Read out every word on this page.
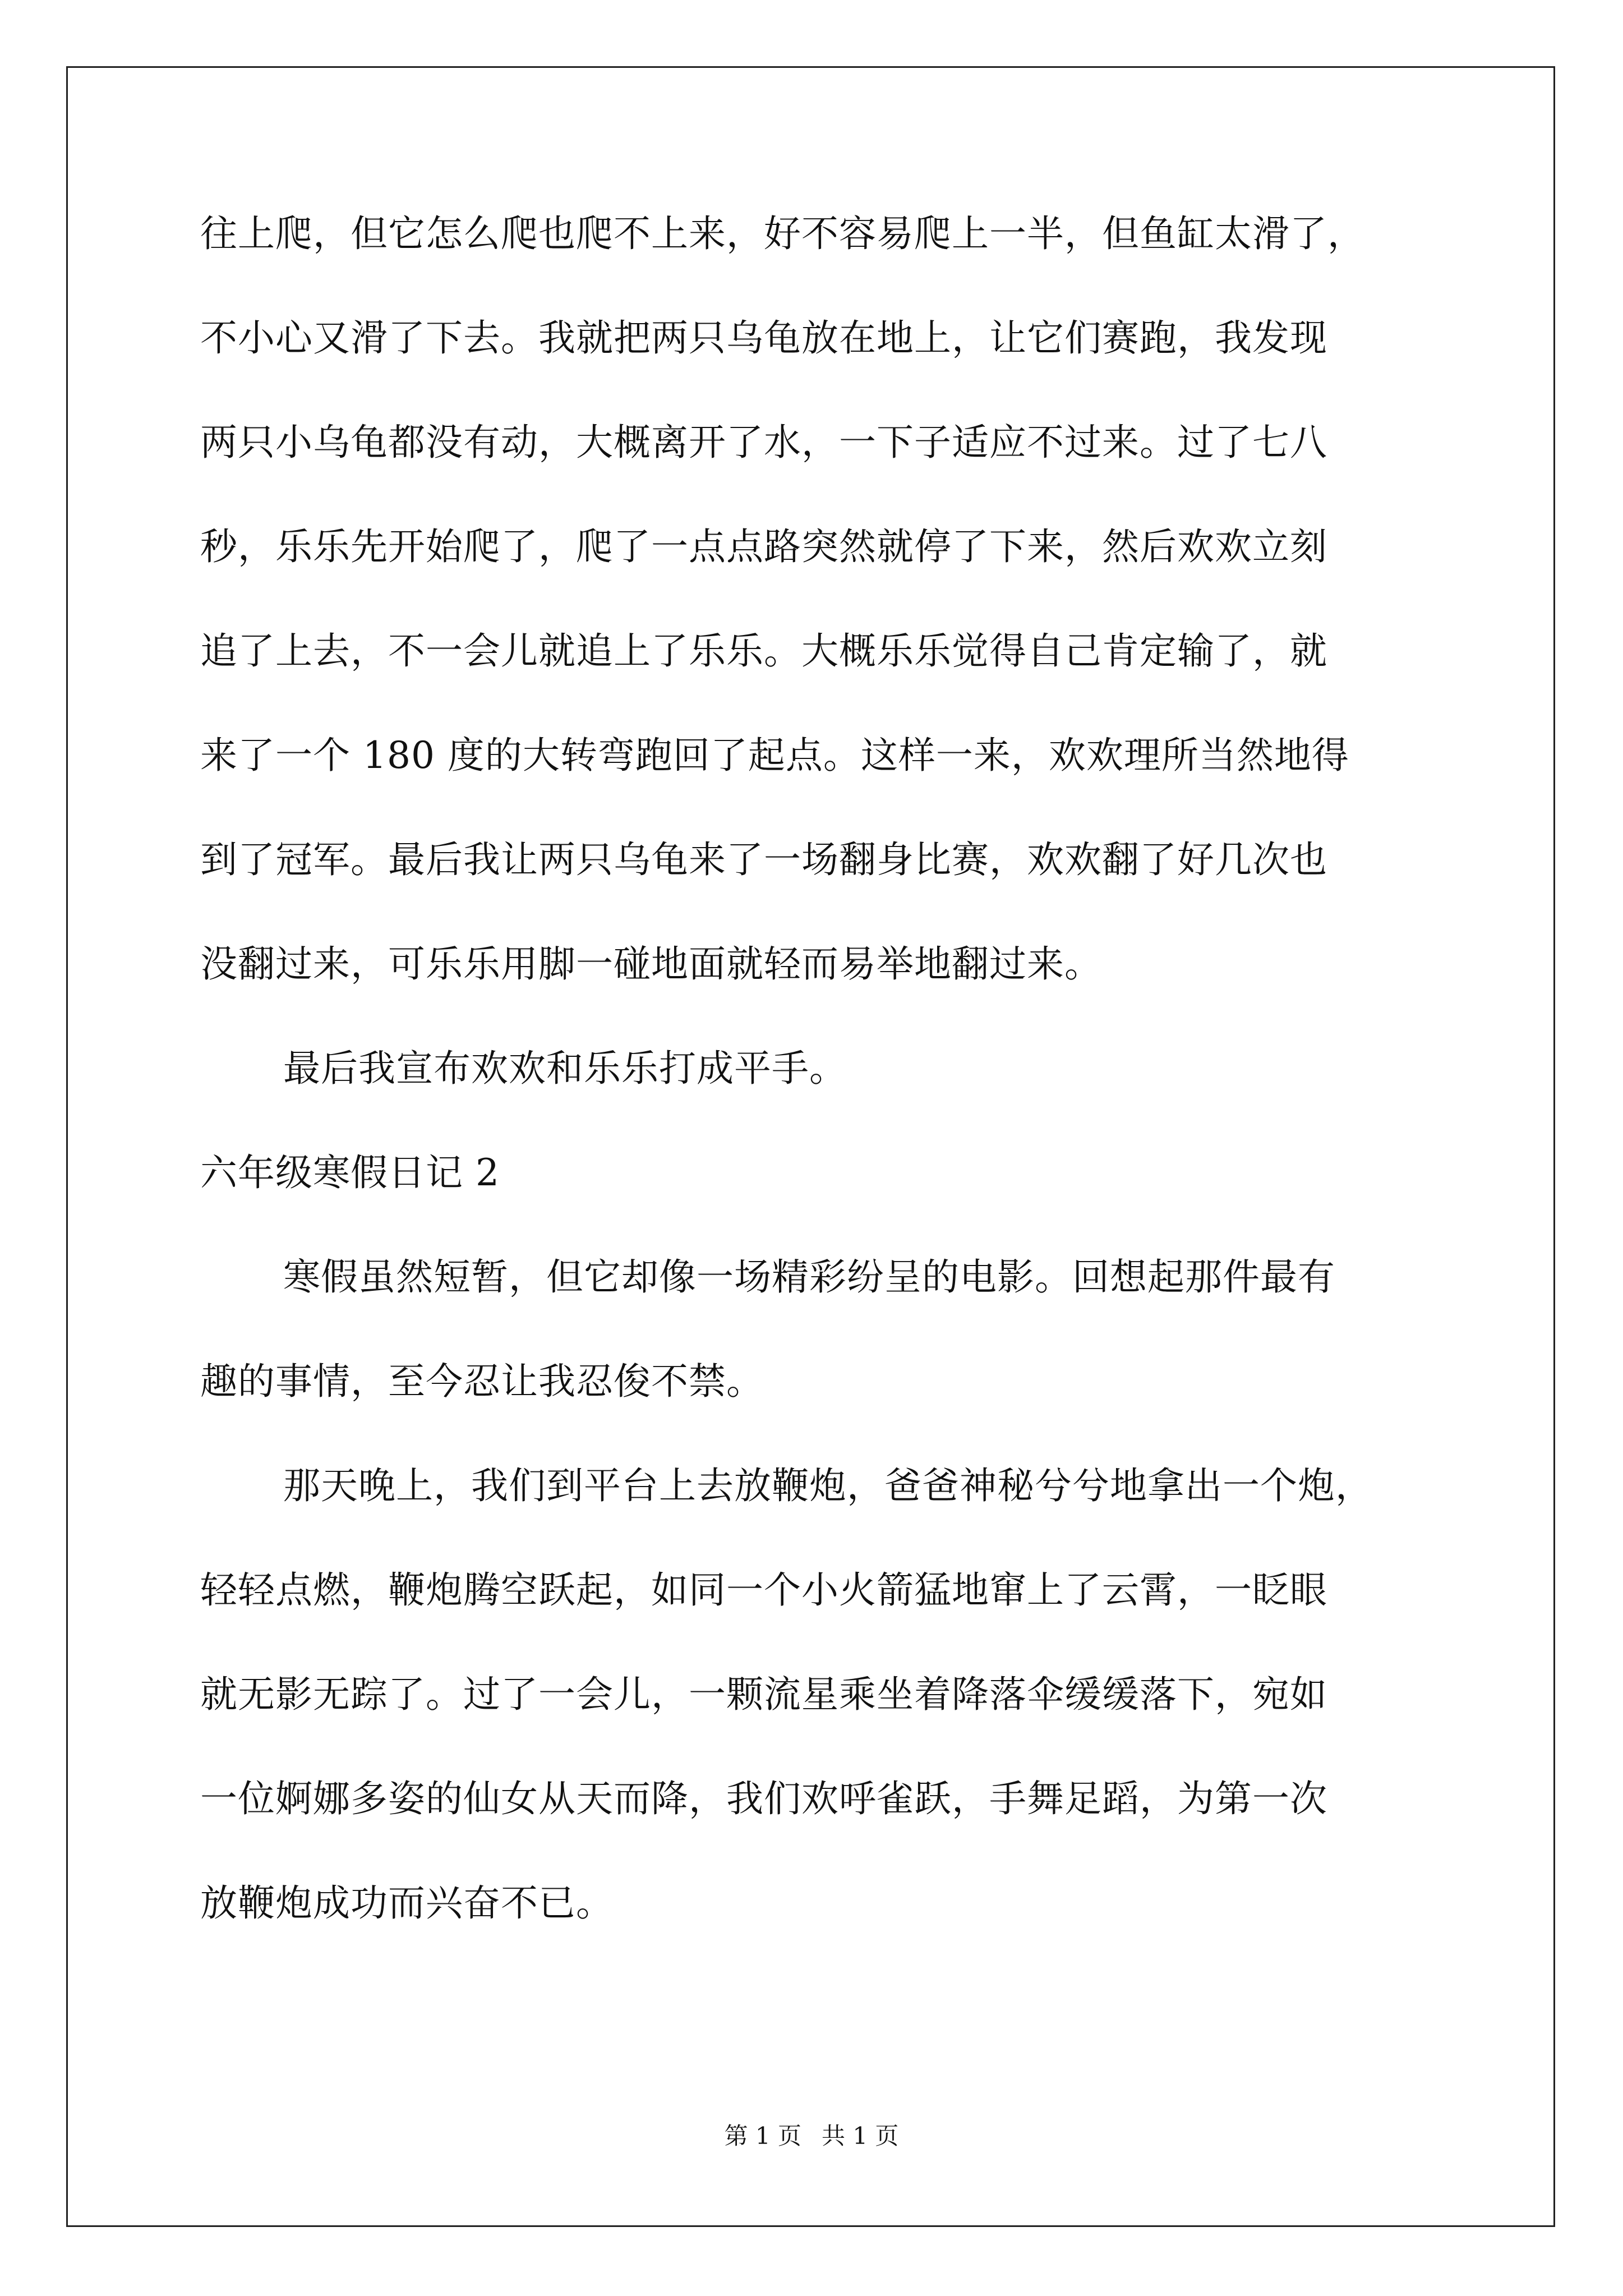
往上爬，但它怎么爬也爬不上来，好不容易爬上一半，但鱼缸太滑了，
不小心又滑了下去。我就把两只乌龟放在地上，让它们赛跑，我发现
两只小乌龟都没有动，大概离开了水，一下子适应不过来。过了七八
秒，乐乐先开始爬了，爬了一点点路突然就停了下来，然后欢欢立刻
追了上去，不一会儿就追上了乐乐。大概乐乐觉得自己肯定输了，就
来了一个 180 度的大转弯跑回了起点。这样一来，欢欢理所当然地得
到了冠军。最后我让两只乌龟来了一场翻身比赛，欢欢翻了好几次也
没翻过来，可乐乐用脚一碰地面就轻而易举地翻过来。
最后我宣布欢欢和乐乐打成平手。
六年级寒假日记 2
寒假虽然短暂，但它却像一场精彩纷呈的电影。回想起那件最有
趣的事情，至今忍让我忍俊不禁。
那天晚上，我们到平台上去放鞭炮，爸爸神秘兮兮地拿出一个炮，
轻轻点燃，鞭炮腾空跃起，如同一个小火箭猛地窜上了云霄，一眨眼
就无影无踪了。过了一会儿，一颗流星乘坐着降落伞缓缓落下，宛如
一位婀娜多姿的仙女从天而降，我们欢呼雀跃，手舞足蹈，为第一次
放鞭炮成功而兴奋不已。
第 1 页 共 1 页
